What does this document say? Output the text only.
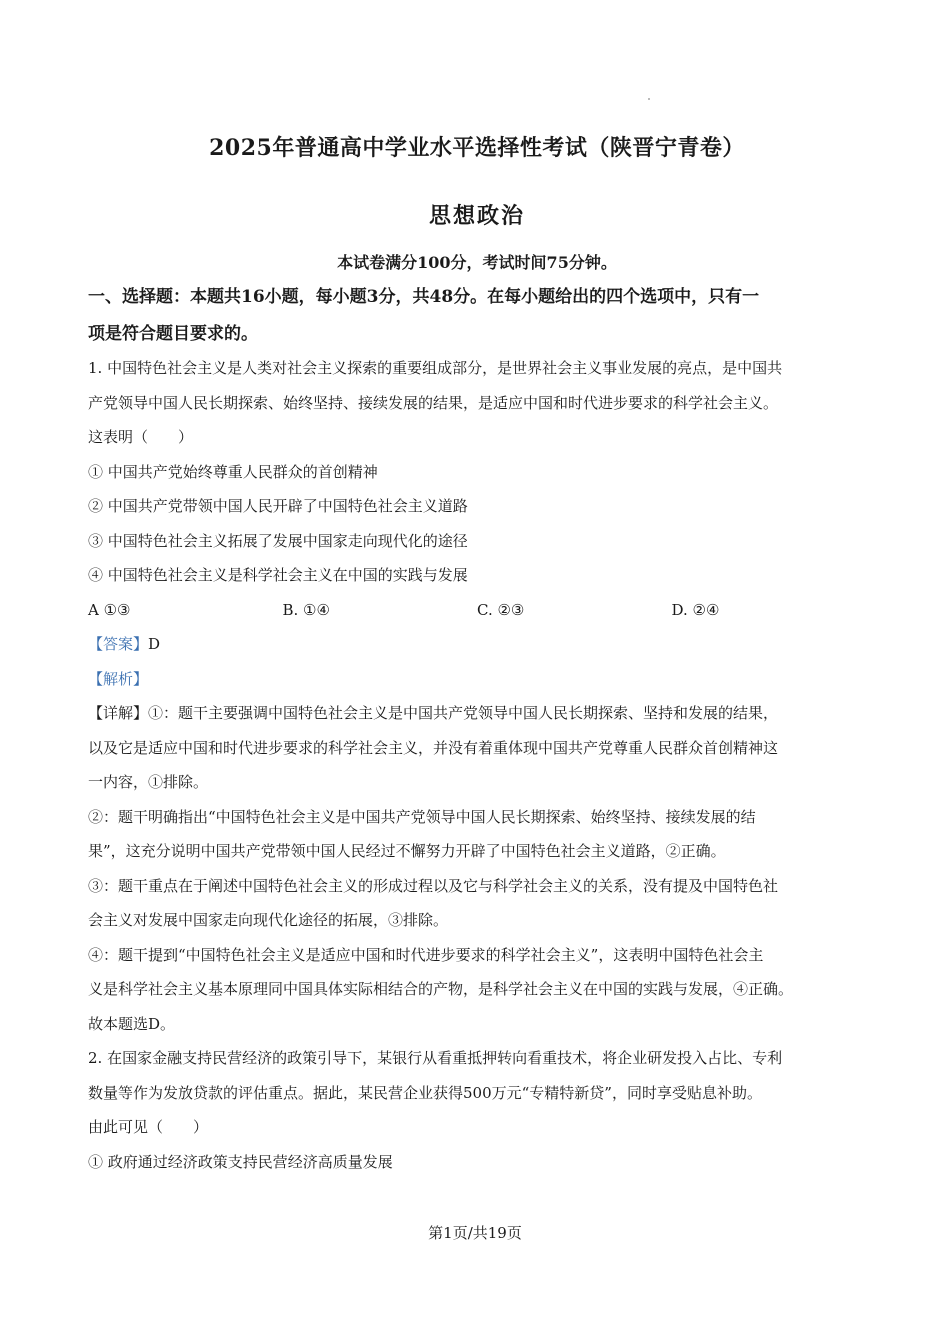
2025年普通高中学业水平选择性考试（陕晋宁青卷）
思想政治
本试卷满分100分，考试时间75分钟。
一、选择题：本题共16小题，每小题3分，共48分。在每小题给出的四个选项中，只有一
项是符合题目要求的。
1. 中国特色社会主义是人类对社会主义探索的重要组成部分，是世界社会主义事业发展的亮点，是中国共
产党领导中国人民长期探索、始终坚持、接续发展的结果，是适应中国和时代进步要求的科学社会主义。
这表明（　　）
① 中国共产党始终尊重人民群众的首创精神
② 中国共产党带领中国人民开辟了中国特色社会主义道路
③ 中国特色社会主义拓展了发展中国家走向现代化的途径
④ 中国特色社会主义是科学社会主义在中国的实践与发展
A ①③	B. ①④	C. ②③	D. ②④
【答案】D
【解析】
【详解】①：题干主要强调中国特色社会主义是中国共产党领导中国人民长期探索、坚持和发展的结果，
以及它是适应中国和时代进步要求的科学社会主义，并没有着重体现中国共产党尊重人民群众首创精神这
一内容，①排除。
②：题干明确指出“中国特色社会主义是中国共产党领导中国人民长期探索、始终坚持、接续发展的结
果”，这充分说明中国共产党带领中国人民经过不懈努力开辟了中国特色社会主义道路，②正确。
③：题干重点在于阐述中国特色社会主义的形成过程以及它与科学社会主义的关系，没有提及中国特色社
会主义对发展中国家走向现代化途径的拓展，③排除。
④：题干提到“中国特色社会主义是适应中国和时代进步要求的科学社会主义”，这表明中国特色社会主
义是科学社会主义基本原理同中国具体实际相结合的产物，是科学社会主义在中国的实践与发展，④正确。
故本题选D。
2. 在国家金融支持民营经济的政策引导下，某银行从看重抵押转向看重技术，将企业研发投入占比、专利
数量等作为发放贷款的评估重点。据此，某民营企业获得500万元“专精特新贷”，同时享受贴息补助。
由此可见（　　）
① 政府通过经济政策支持民营经济高质量发展
第1页/共19页
